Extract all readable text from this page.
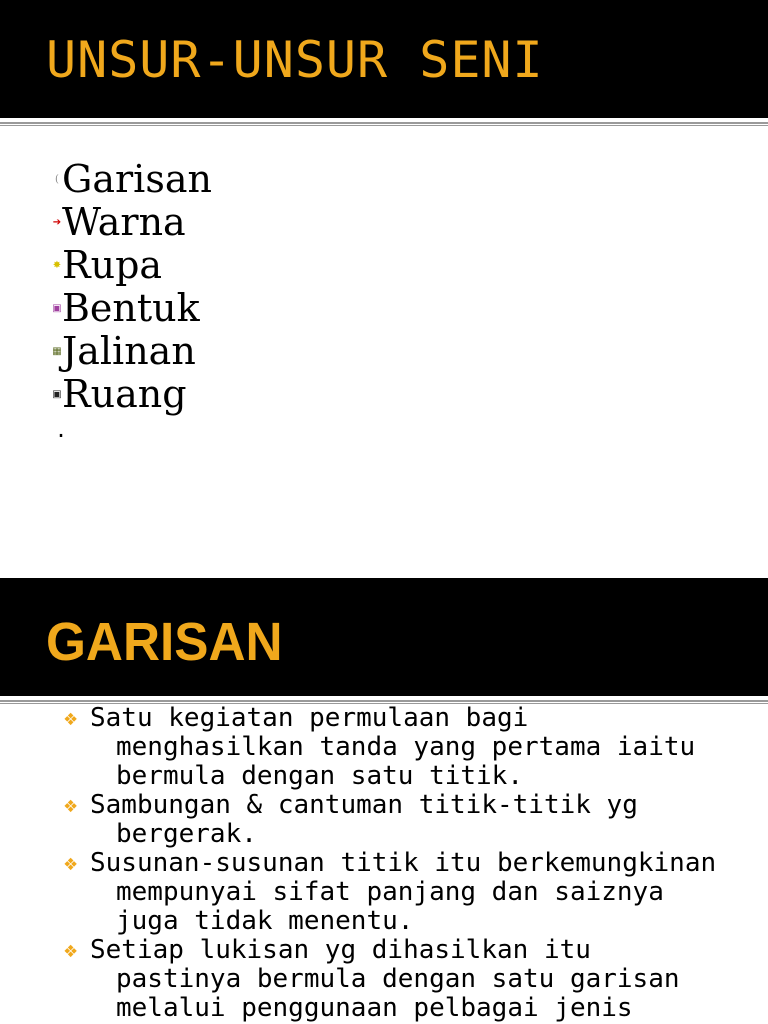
UNSUR-UNSUR SENI
(Garisan
➔Warna
✸Rupa
▣Bentuk
▦Jalinan
▣Ruang
.
GARISAN
❖ Satu kegiatan permulaan bagi
menghasilkan tanda yang pertama iaitu
bermula dengan satu titik.
❖ Sambungan & cantuman titik-titik yg
bergerak.
❖ Susunan-susunan titik itu berkemungkinan
mempunyai sifat panjang dan saiznya
juga tidak menentu.
❖ Setiap lukisan yg dihasilkan itu
pastinya bermula dengan satu garisan
melalui penggunaan pelbagai jenis
